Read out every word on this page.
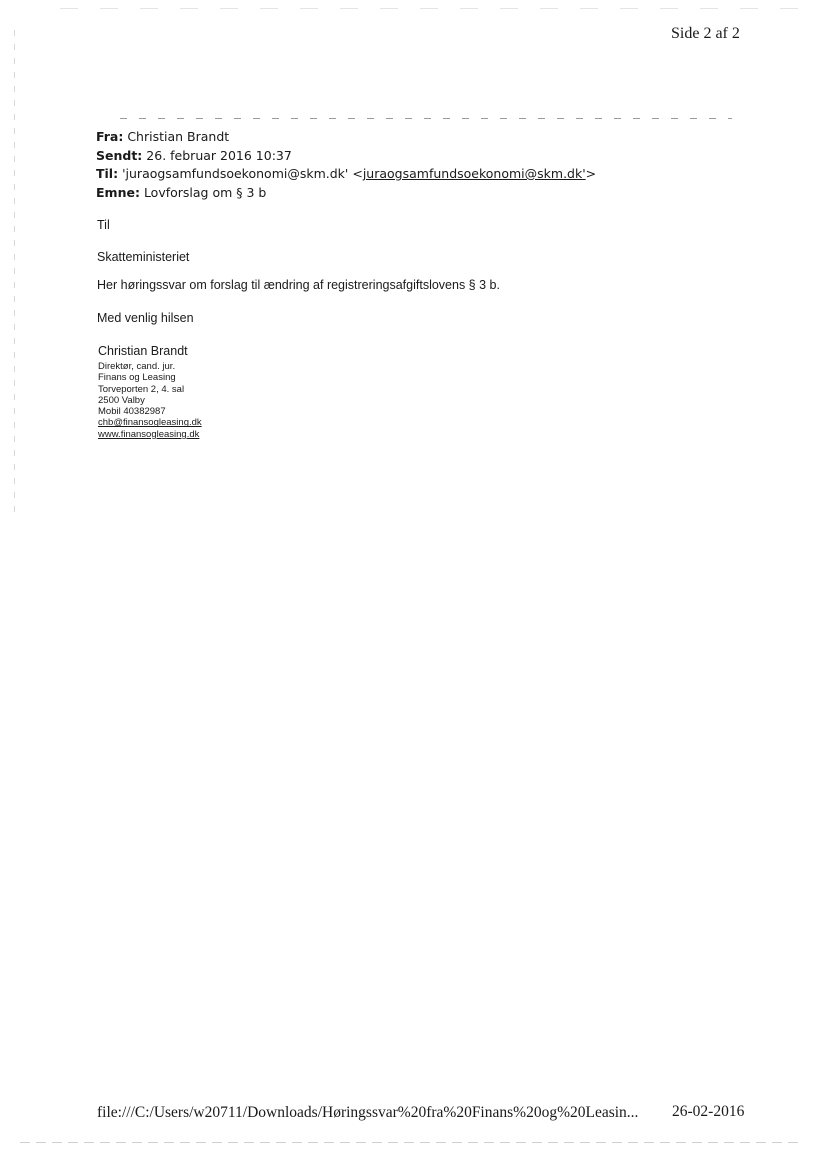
Side 2 af 2
Fra: Christian Brandt
Sendt: 26. februar 2016 10:37
Til: 'juraogsamfundsoekonomi@skm.dk' <juraogsamfundsoekonomi@skm.dk'>
Emne: Lovforslag om § 3 b

Til

Skatteministeriet

Her høringssvar om forslag til ændring af registreringsafgiftslovens § 3 b.

Med venlig hilsen

Christian Brandt
Direktør, cand. jur.
Finans og Leasing
Torveporten 2, 4. sal
2500 Valby
Mobil 40382987
chb@finansogleasing.dk
www.finansogleasing.dk
file:///C:/Users/w20711/Downloads/Høringssvar%20fra%20Finans%20og%20Leasin... 26-02-2016
